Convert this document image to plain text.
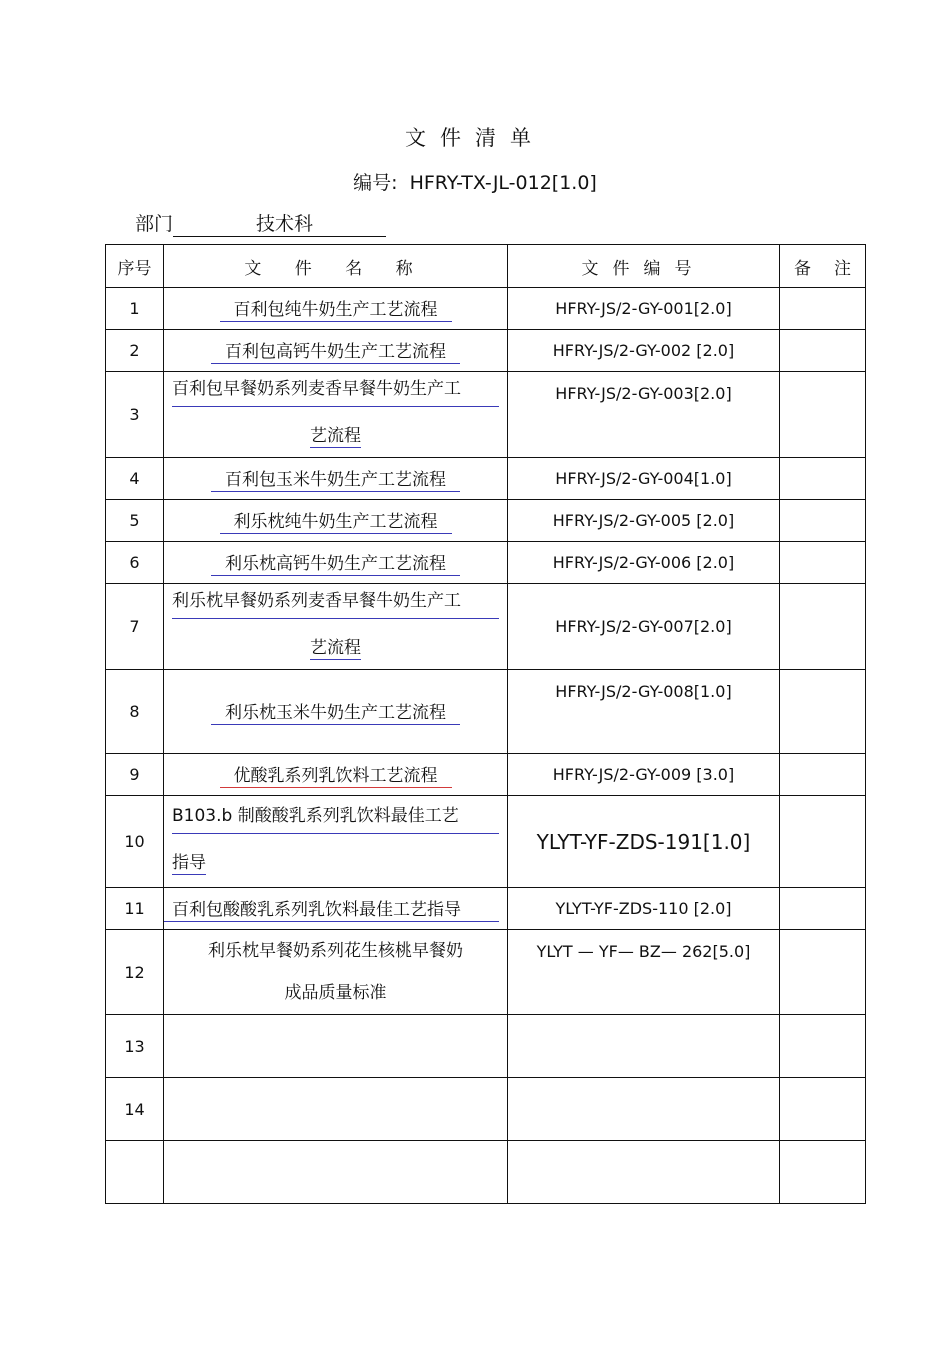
文件清单
编号: HFRY-TX-JL-012[1.0]
部门	技术科
序号	文 件 名 称	文件编号	备注
1	百利包纯牛奶生产工艺流程	HFRY-JS/2-GY-001[2.0]	
2	百利包高钙牛奶生产工艺流程	HFRY-JS/2-GY-002 [2.0]	
3	百利包早餐奶系列麦香早餐牛奶生产工
艺流程	HFRY-JS/2-GY-003[2.0]	
4	百利包玉米牛奶生产工艺流程	HFRY-JS/2-GY-004[1.0]	
5	利乐枕纯牛奶生产工艺流程	HFRY-JS/2-GY-005 [2.0]	
6	利乐枕高钙牛奶生产工艺流程	HFRY-JS/2-GY-006 [2.0]	
7	利乐枕早餐奶系列麦香早餐牛奶生产工
艺流程	HFRY-JS/2-GY-007[2.0]	
8	利乐枕玉米牛奶生产工艺流程	HFRY-JS/2-GY-008[1.0]	
9	优酸乳系列乳饮料工艺流程	HFRY-JS/2-GY-009 [3.0]	
10	B103.b 制酸酸乳系列乳饮料最佳工艺
指导	YLYT-YF-ZDS-191[1.0]	
11	百利包酸酸乳系列乳饮料最佳工艺指导	YLYT-YF-ZDS-110 [2.0]	
12	利乐枕早餐奶系列花生核桃早餐奶
成品质量标准	YLYT — YF— BZ— 262[5.0]	
13			
14			
